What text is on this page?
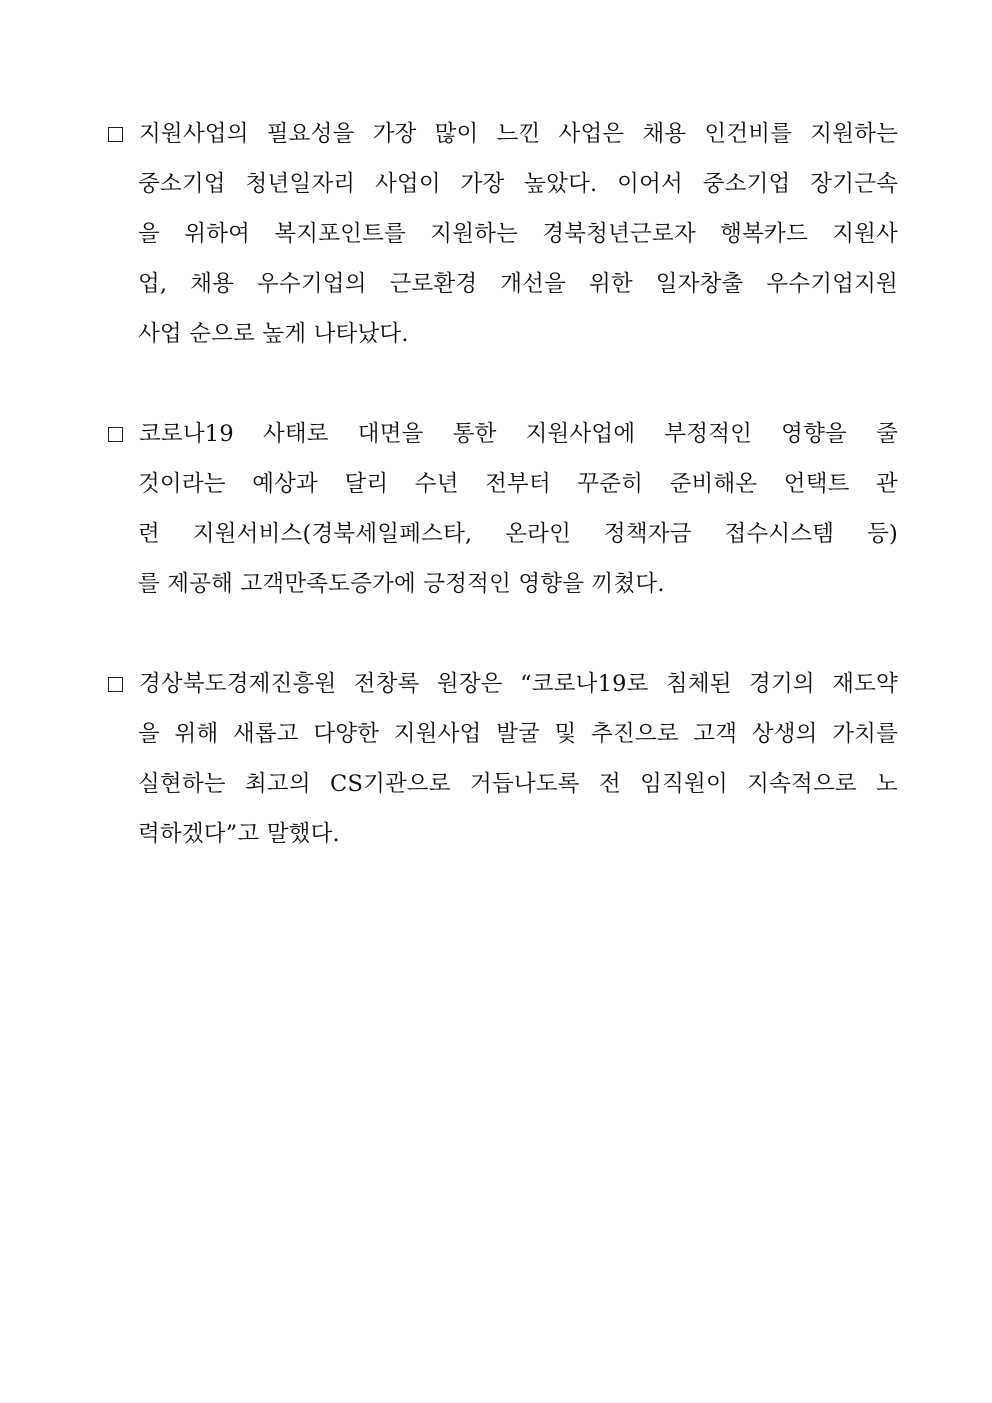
지원사업의 필요성을 가장 많이 느낀 사업은 채용 인건비를 지원하는
중소기업 청년일자리 사업이 가장 높았다. 이어서 중소기업 장기근속
을 위하여 복지포인트를 지원하는 경북청년근로자 행복카드 지원사
업, 채용 우수기업의 근로환경 개선을 위한 일자창출 우수기업지원
사업 순으로 높게 나타났다.
코로나19 사태로 대면을 통한 지원사업에 부정적인 영향을 줄
것이라는 예상과 달리 수년 전부터 꾸준히 준비해온 언택트 관
련 지원서비스(경북세일페스타, 온라인 정책자금 접수시스템 등)
를 제공해 고객만족도증가에 긍정적인 영향을 끼쳤다.
경상북도경제진흥원 전창록 원장은 “코로나19로 침체된 경기의 재도약
을 위해 새롭고 다양한 지원사업 발굴 및 추진으로 고객 상생의 가치를
실현하는 최고의 CS기관으로 거듭나도록 전 임직원이 지속적으로 노
력하겠다”고 말했다.
